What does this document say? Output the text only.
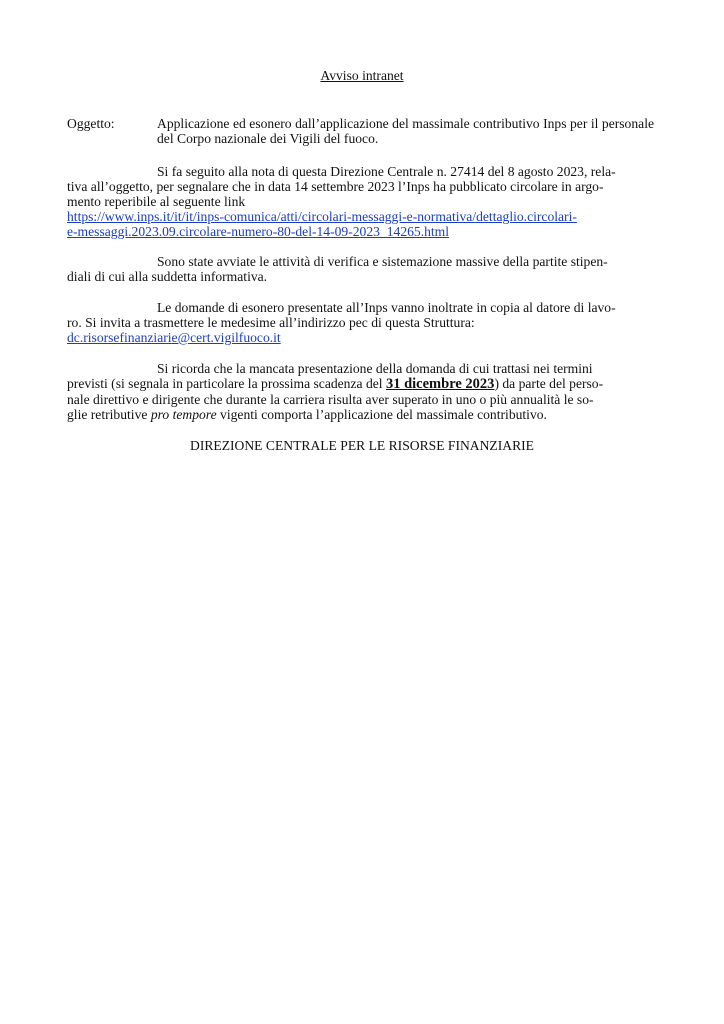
Avviso intranet
Oggetto:	Applicazione ed esonero dall’applicazione del massimale contributivo Inps per il personale del Corpo nazionale dei Vigili del fuoco.
Si fa seguito alla nota di questa Direzione Centrale n. 27414 del 8 agosto 2023, rela-
tiva all’oggetto, per segnalare che in data 14 settembre 2023 l’Inps ha pubblicato circolare in argo-
mento reperibile al seguente link
https://www.inps.it/it/it/inps-comunica/atti/circolari-messaggi-e-normativa/dettaglio.circolari-
e-messaggi.2023.09.circolare-numero-80-del-14-09-2023_14265.html
Sono state avviate le attività di verifica e sistemazione massive della partite stipen-
diali di cui alla suddetta informativa.
Le domande di esonero presentate all’Inps vanno inoltrate in copia al datore di lavo-
ro. Si invita a trasmettere le medesime all’indirizzo pec di questa Struttura:
dc.risorsefinanziarie@cert.vigilfuoco.it
Si ricorda che la mancata presentazione della domanda di cui trattasi nei termini
previsti (si segnala in particolare la prossima scadenza del 31 dicembre 2023) da parte del perso-
nale direttivo e dirigente che durante la carriera risulta aver superato in uno o più annualità le so-
glie retributive pro tempore vigenti comporta l’applicazione del massimale contributivo.
DIREZIONE CENTRALE PER LE RISORSE FINANZIARIE
